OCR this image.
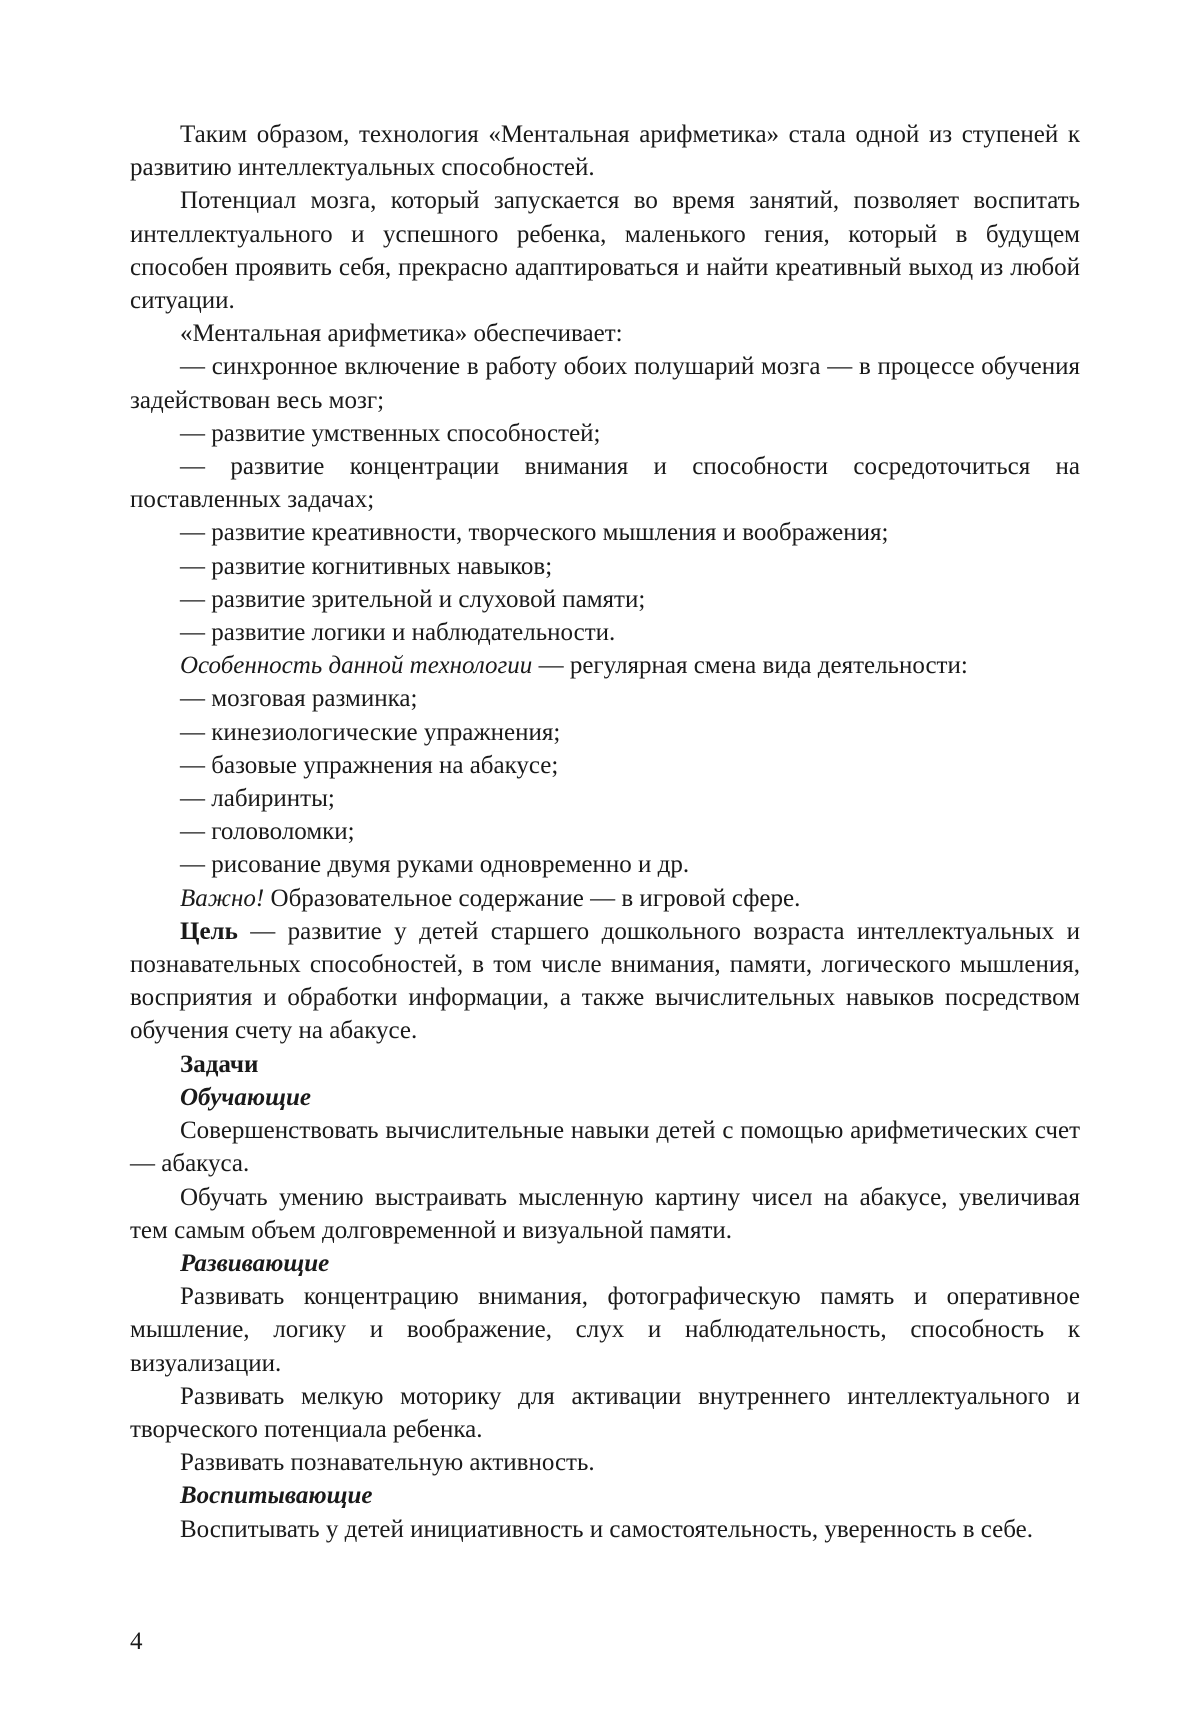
Таким образом, технология «Ментальная арифметика» стала одной из ступеней к развитию интеллектуальных способностей.

Потенциал мозга, который запускается во время занятий, позволяет воспитать интеллектуального и успешного ребенка, маленького гения, который в будущем способен проявить себя, прекрасно адаптироваться и найти креативный выход из любой ситуации.

«Ментальная арифметика» обеспечивает:

— синхронное включение в работу обоих полушарий мозга — в процессе обучения задействован весь мозг;

— развитие умственных способностей;

— развитие концентрации внимания и способности сосредоточиться на поставленных задачах;

— развитие креативности, творческого мышления и воображения;

— развитие когнитивных навыков;

— развитие зрительной и слуховой памяти;

— развитие логики и наблюдательности.

Особенность данной технологии — регулярная смена вида деятельности:

— мозговая разминка;

— кинезиологические упражнения;

— базовые упражнения на абакусе;

— лабиринты;

— головоломки;

— рисование двумя руками одновременно и др.

Важно! Образовательное содержание — в игровой сфере.

Цель — развитие у детей старшего дошкольного возраста интеллектуальных и познавательных способностей, в том числе внимания, памяти, логического мышления, восприятия и обработки информации, а также вычислительных навыков посредством обучения счету на абакусе.

Задачи

Обучающие

Совершенствовать вычислительные навыки детей с помощью арифметических счет — абакуса.

Обучать умению выстраивать мысленную картину чисел на абакусе, увеличивая тем самым объем долговременной и визуальной памяти.

Развивающие

Развивать концентрацию внимания, фотографическую память и оперативное мышление, логику и воображение, слух и наблюдательность, способность к визуализации.

Развивать мелкую моторику для активации внутреннего интеллектуального и творческого потенциала ребенка.

Развивать познавательную активность.

Воспитывающие

Воспитывать у детей инициативность и самостоятельность, уверенность в себе.

4
